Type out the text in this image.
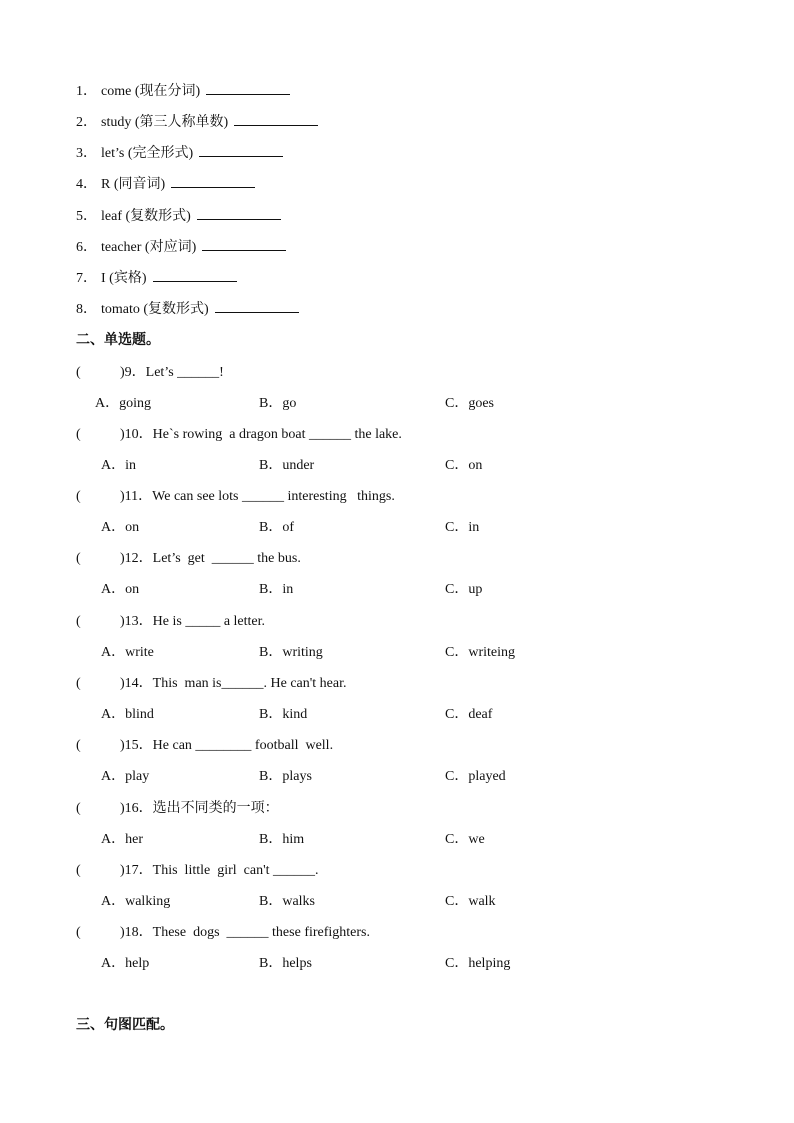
1． come (现在分词)
2． study (第三人称单数)
3． let’s (完全形式)
4． R (同音词)
5． leaf (复数形式)
6． teacher (对应词)
7． I (宾格)
8． tomato (复数形式)
二、单选题。
(	)9．Let’s ______!
A．going	B．go	C．goes
(	)10．He`s rowing  a dragon boat ______ the lake.
A．in	B．under	C．on
(	)11．We can see lots ______ interesting   things.
A．on	B．of	C．in
(	)12．Let’s  get  ______ the bus.
A．on	B．in	C．up
(	)13．He is _____ a letter.
A．write	B．writing	C．writeing
(	)14．This  man is______. He can't hear.
A．blind	B．kind	C．deaf
(	)15．He can ________ football  well.
A．play	B．plays	C．played
(	)16．选出不同类的一项：
A．her	B．him	C．we
(	)17．This  little  girl  can't ______.
A．walking	B．walks	C．walk
(	)18．These  dogs  ______ these firefighters.
A．help	B．helps	C．helping
三、句图匹配。
